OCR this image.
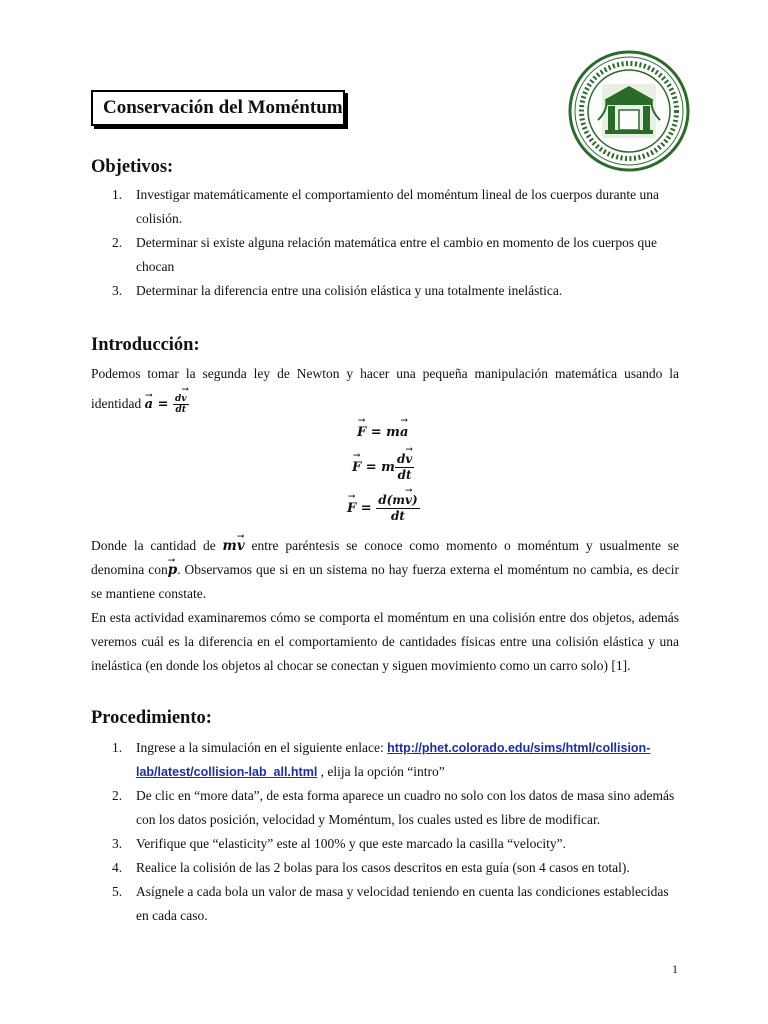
Conservación del Moméntum
Objetivos:
1. Investigar matemáticamente el comportamiento del moméntum lineal de los cuerpos durante una
colisión.
2. Determinar si existe alguna relación matemática entre el cambio en momento de los cuerpos que
chocan
3. Determinar la diferencia entre una colisión elástica y una totalmente inelástica.
Introducción:

Podemos tomar la segunda ley de Newton y hacer una pequeña manipulación matemática usando la

identidad a → = $\frac{dv \to}{dt}$

F → = ma →
F → = m $\frac{dv \to}{dt}$
F → = $\frac{d(mv \to)}{dt}$

Donde la cantidad de mv → entre paréntesis se conoce como momento o moméntum y usualmente se

denomina conp →. Observamos que si en un sistema no hay fuerza externa el moméntum no cambia, es decir

se mantiene constate.

En esta actividad examinaremos cómo se comporta el moméntum en una colisión entre dos objetos, además

veremos cuál es la diferencia en el comportamiento de cantidades físicas entre una colisión elástica y una

inelástica (en donde los objetos al chocar se conectan y siguen movimiento como un carro solo) [1].

Procedimiento:
1. Ingrese a la simulación en el siguiente enlace: http://phet.colorado.edu/sims/html/collision-
lab/latest/collision-lab_all.html , elija la opción “intro”
2. De clic en “more data”, de esta forma aparece un cuadro no solo con los datos de masa sino además
con los datos posición, velocidad y Moméntum, los cuales usted es libre de modificar.
3. Verifique que “elasticity” este al 100% y que este marcado la casilla “velocity”.
4. Realice la colisión de las 2 bolas para los casos descritos en esta guía (son 4 casos en total).
5. Asígnele a cada bola un valor de masa y velocidad teniendo en cuenta las condiciones establecidas
en cada caso.
1
